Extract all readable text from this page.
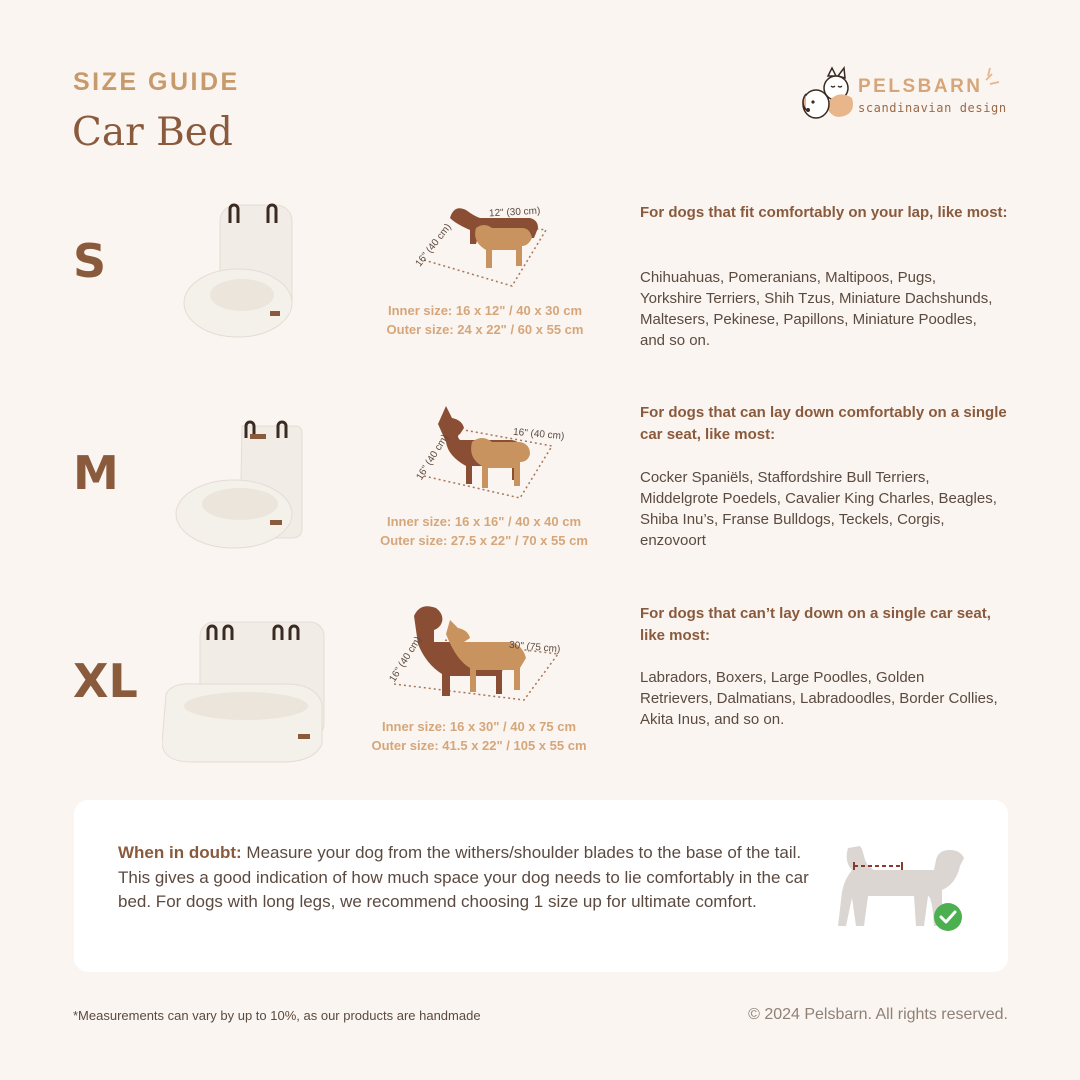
SIZE GUIDE
Car Bed
PELSBARN
scandinavian design
S
12" (30 cm)
16" (40 cm)
Inner size: 16 x 12" / 40 x 30 cm
Outer size: 24 x 22" / 60 x 55 cm
For dogs that fit comfortably on your lap, like most:
Chihuahuas, Pomeranians, Maltipoos, Pugs, Yorkshire Terriers, Shih Tzus, Miniature Dachshunds, Maltesers, Pekinese, Papillons, Miniature Poodles, and so on.
M
16" (40 cm)
16" (40 cm)
Inner size: 16 x 16" / 40 x 40 cm
Outer size: 27.5 x 22" / 70 x 55 cm
For dogs that can lay down comfortably on a single car seat, like most:
Cocker Spaniëls, Staffordshire Bull Terriers, Middelgrote Poedels, Cavalier King Charles, Beagles, Shiba Inu’s, Franse Bulldogs, Teckels, Corgis, enzovoort
XL
30" (75 cm)
16" (40 cm)
Inner size: 16 x 30" / 40 x 75 cm
Outer size: 41.5 x 22" / 105 x 55 cm
For dogs that can’t lay down on a single car seat, like most:
Labradors, Boxers, Large Poodles, Golden Retrievers, Dalmatians, Labradoodles, Border Collies, Akita Inus, and so on.
When in doubt: Measure your dog from the withers/shoulder blades to the base of the tail. This gives a good indication of how much space your dog needs to lie comfortably in the car bed. For dogs with long legs, we recommend choosing 1 size up for ultimate comfort.
*Measurements can vary by up to 10%, as our products are handmade	© 2024 Pelsbarn. All rights reserved.
